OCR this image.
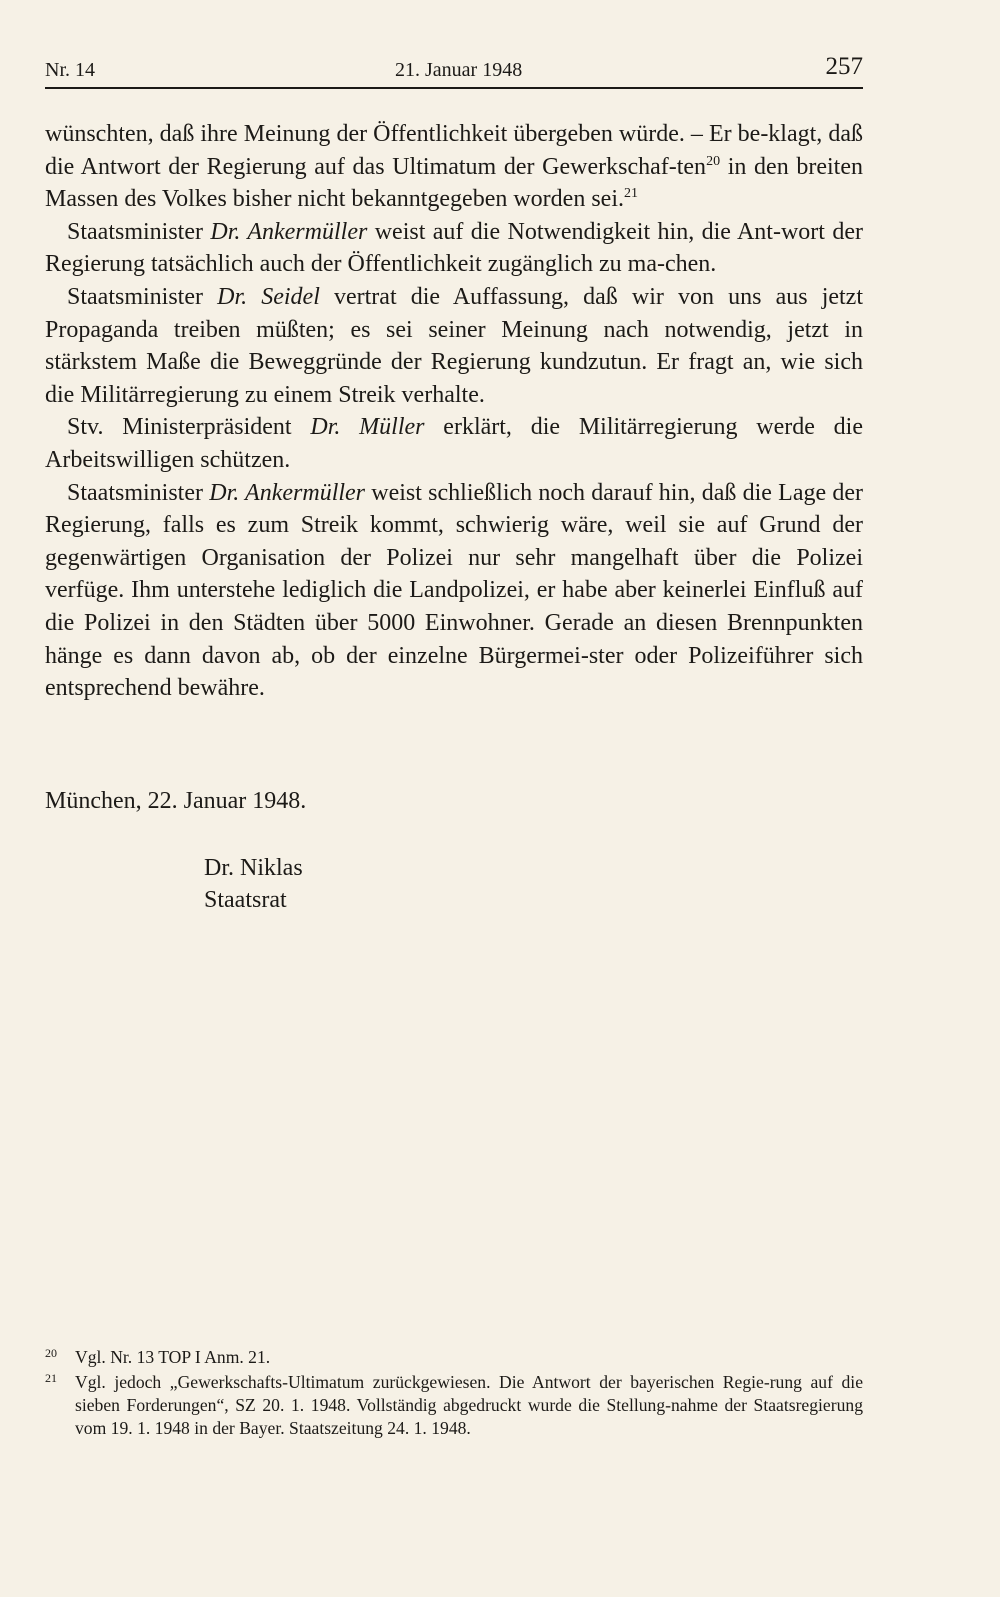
Nr. 14	21. Januar 1948	257

wünschten, daß ihre Meinung der Öffentlichkeit übergeben würde. – Er be-klagt, daß die Antwort der Regierung auf das Ultimatum der Gewerkschaf-ten$^{20}$ in den breiten Massen des Volkes bisher nicht bekanntgegeben worden sei.$^{21}$

Staatsminister Dr. Ankermüller weist auf die Notwendigkeit hin, die Ant-wort der Regierung tatsächlich auch der Öffentlichkeit zugänglich zu ma-chen.

Staatsminister Dr. Seidel vertrat die Auffassung, daß wir von uns aus jetzt Propaganda treiben müßten; es sei seiner Meinung nach notwendig, jetzt in stärkstem Maße die Beweggründe der Regierung kundzutun. Er fragt an, wie sich die Militärregierung zu einem Streik verhalte.

Stv. Ministerpräsident Dr. Müller erklärt, die Militärregierung werde die Arbeitswilligen schützen.

Staatsminister Dr. Ankermüller weist schließlich noch darauf hin, daß die Lage der Regierung, falls es zum Streik kommt, schwierig wäre, weil sie auf Grund der gegenwärtigen Organisation der Polizei nur sehr mangelhaft über die Polizei verfüge. Ihm unterstehe lediglich die Landpolizei, er habe aber keinerlei Einfluß auf die Polizei in den Städten über 5000 Einwohner. Gerade an diesen Brennpunkten hänge es dann davon ab, ob der einzelne Bürgermei-ster oder Polizeiführer sich entsprechend bewähre.

München, 22. Januar 1948.
Dr. Niklas
Staatsrat
20 Vgl. Nr. 13 TOP I Anm. 21.
21 Vgl. jedoch „Gewerkschafts-Ultimatum zurückgewiesen. Die Antwort der bayerischen Regie-rung auf die sieben Forderungen“, SZ 20. 1. 1948. Vollständig abgedruckt wurde die Stellung-nahme der Staatsregierung vom 19. 1. 1948 in der Bayer. Staatszeitung 24. 1. 1948.
